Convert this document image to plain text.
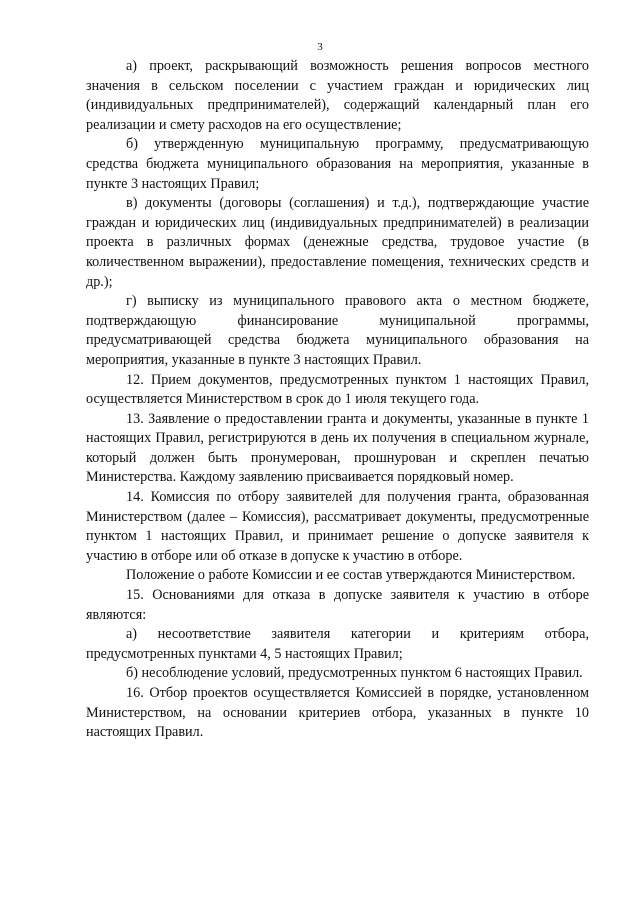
3

а) проект, раскрывающий возможность решения вопросов местного значения в сельском поселении с участием граждан и юридических лиц (индивидуальных предпринимателей), содержащий календарный план его реализации и смету расходов на его осуществление;

б) утвержденную муниципальную программу, предусматривающую средства бюджета муниципального образования на мероприятия, указанные в пункте 3 настоящих Правил;

в) документы (договоры (соглашения) и т.д.), подтверждающие участие граждан и юридических лиц (индивидуальных предпринимателей) в реализации проекта в различных формах (денежные средства, трудовое участие (в количественном выражении), предоставление помещения, технических средств и др.);

г) выписку из муниципального правового акта о местном бюджете, подтверждающую финансирование муниципальной программы, предусматривающей средства бюджета муниципального образования на мероприятия, указанные в пункте 3 настоящих Правил.

12. Прием документов, предусмотренных пунктом 1 настоящих Правил, осуществляется Министерством в срок до 1 июля текущего года.

13. Заявление о предоставлении гранта и документы, указанные в пункте 1 настоящих Правил, регистрируются в день их получения в специальном журнале, который должен быть пронумерован, прошнурован и скреплен печатью Министерства. Каждому заявлению присваивается порядковый номер.

14. Комиссия по отбору заявителей для получения гранта, образованная Министерством (далее – Комиссия), рассматривает документы, предусмотренные пунктом 1 настоящих Правил, и принимает решение о допуске заявителя к участию в отборе или об отказе в допуске к участию в отборе.

Положение о работе Комиссии и ее состав утверждаются Министерством.

15. Основаниями для отказа в допуске заявителя к участию в отборе являются:

а) несоответствие заявителя категории и критериям отбора, предусмотренных пунктами 4, 5 настоящих Правил;

б) несоблюдение условий, предусмотренных пунктом 6 настоящих Правил.

16. Отбор проектов осуществляется Комиссией в порядке, установленном Министерством, на основании критериев отбора, указанных в пункте 10 настоящих Правил.
